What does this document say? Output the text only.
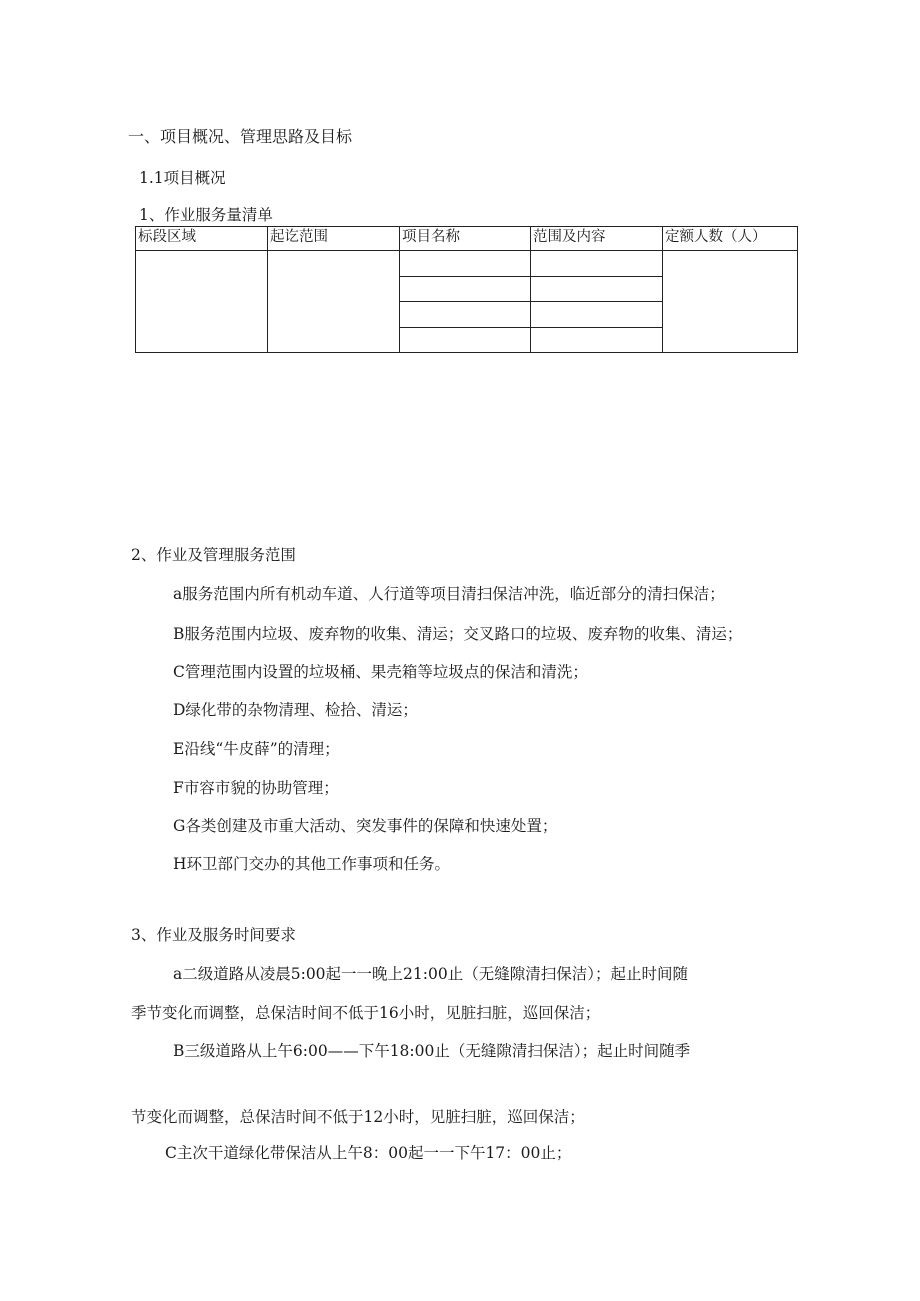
一、项目概况、管理思路及目标
1.1项目概况
1、作业服务量清单
标段区域	起讫范围	项目名称	范围及内容	定额人数（人）

2、作业及管理服务范围
a服务范围内所有机动车道、人行道等项目清扫保洁冲洗，临近部分的清扫保洁；
B服务范围内垃圾、废弃物的收集、清运；交叉路口的垃圾、废弃物的收集、清运；
C管理范围内设置的垃圾桶、果壳箱等垃圾点的保洁和清洗；
D绿化带的杂物清理、检拾、清运；
E沿线“牛皮薛”的清理；
F市容市貌的协助管理；
G各类创建及市重大活动、突发事件的保障和快速处置；
H环卫部门交办的其他工作事项和任务。
3、作业及服务时间要求
a二级道路从凌晨5:00起一一晚上21:00止（无缝隙清扫保洁）；起止时间随
季节变化而调整，总保洁时间不低于16小时，见脏扫脏，巡回保洁；
B三级道路从上午6:00——下午18:00止（无缝隙清扫保洁）；起止时间随季
节变化而调整，总保洁时间不低于12小时，见脏扫脏，巡回保洁；
C主次干道绿化带保洁从上午8：00起一一下午17：00止；
